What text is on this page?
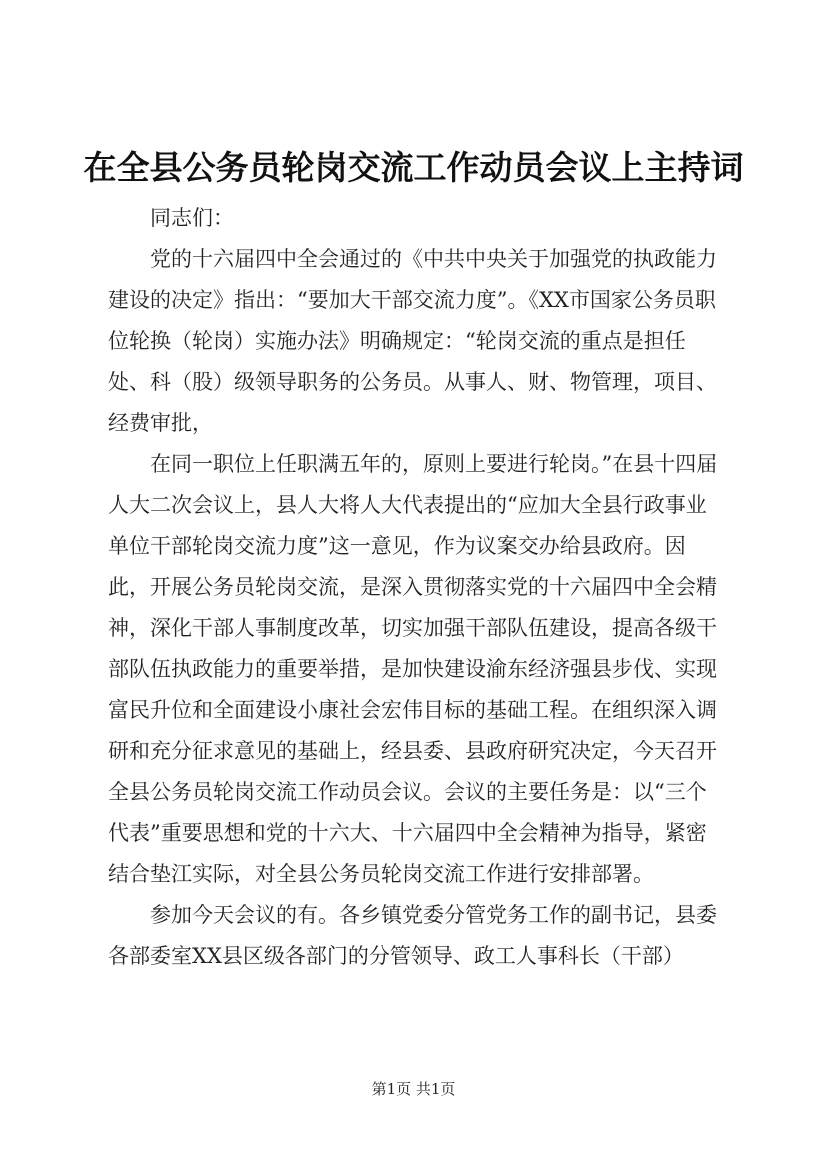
在全县公务员轮岗交流工作动员会议上主持词

同志们：

党的十六届四中全会通过的《中共中央关于加强党的执政能力建设的决定》指出：“要加大干部交流力度”。《XX市国家公务员职位轮换（轮岗）实施办法》明确规定：“轮岗交流的重点是担任处、科（股）级领导职务的公务员。从事人、财、物管理，项目、经费审批，

在同一职位上任职满五年的，原则上要进行轮岗。”在县十四届人大二次会议上，县人大将人大代表提出的“应加大全县行政事业单位干部轮岗交流力度”这一意见，作为议案交办给县政府。因此，开展公务员轮岗交流，是深入贯彻落实党的十六届四中全会精神，深化干部人事制度改革，切实加强干部队伍建设，提高各级干部队伍执政能力的重要举措，是加快建设渝东经济强县步伐、实现富民升位和全面建设小康社会宏伟目标的基础工程。在组织深入调研和充分征求意见的基础上，经县委、县政府研究决定，今天召开全县公务员轮岗交流工作动员会议。会议的主要任务是：以“三个代表”重要思想和党的十六大、十六届四中全会精神为指导，紧密结合垫江实际，对全县公务员轮岗交流工作进行安排部署。

参加今天会议的有。各乡镇党委分管党务工作的副书记，县委各部委室XX县区级各部门的分管领导、政工人事科长（干部）

第1页 共1页
